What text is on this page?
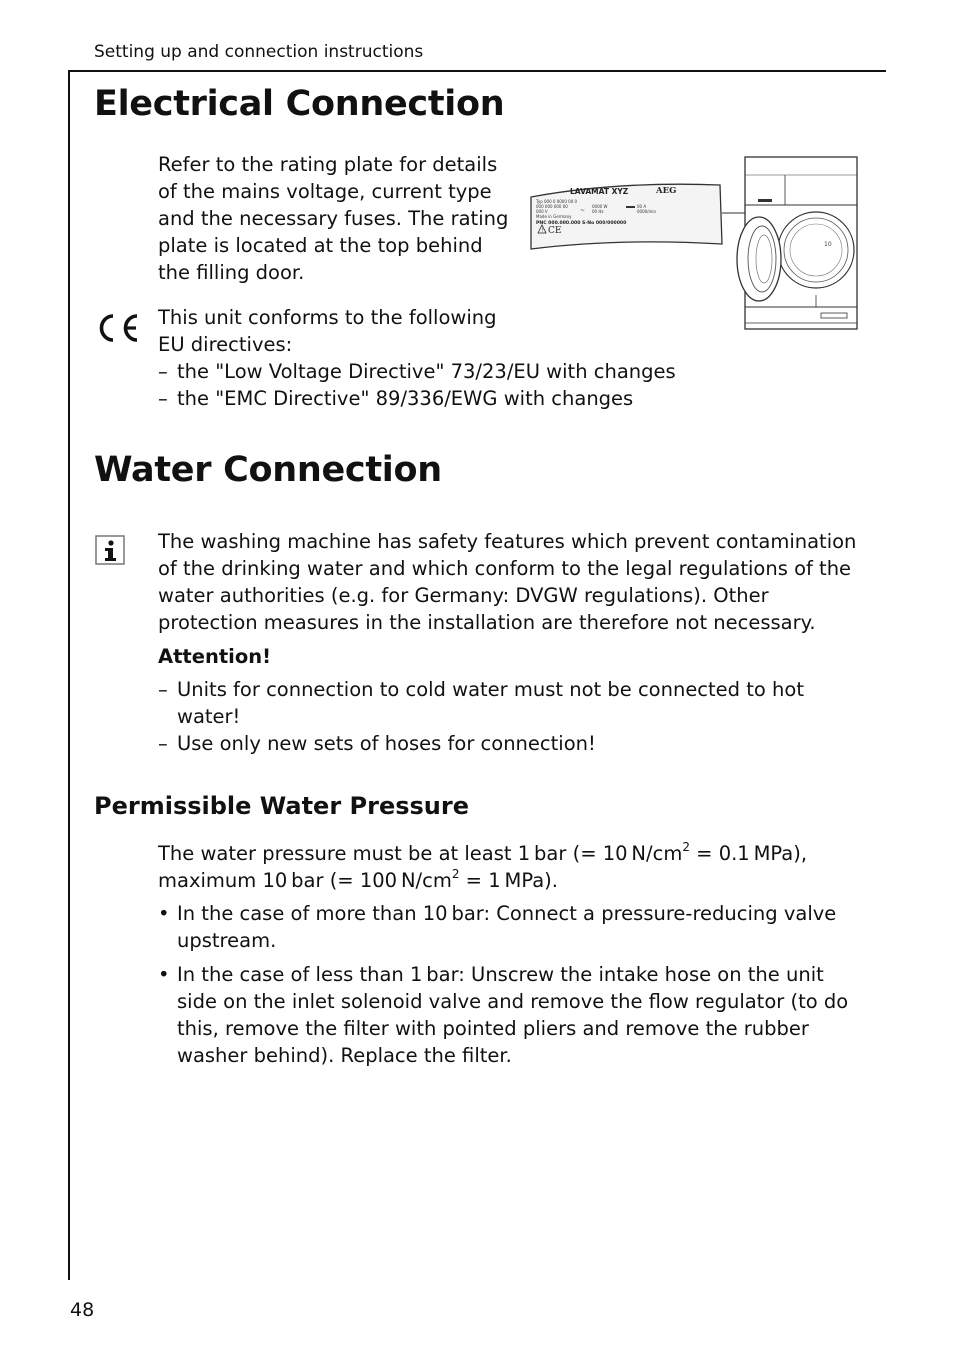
Setting up and connection instructions
Electrical Connection

Refer to the rating plate for details of the mains voltage, current type and the necessary fuses. The rating plate is located at the top behind the filling door.

LAVAMAT XYZ	AEG
Typ 000 0 0000 00 0
000 000 000 00
000 V
Made in Germany
~
0000 W
00 Hz
00 A
0000/min
PNC 000.000.000 S-No 000/000000
! CE
10

This unit conforms to the following EU directives:

– the "Low Voltage Directive" 73/23/EU with changes
– the "EMC Directive" 89/336/EWG with changes
Water Connection

The washing machine has safety features which prevent contamination of the drinking water and which conform to the legal regulations of the water authorities (e.g. for Germany: DVGW regulations). Other protection measures in the installation are therefore not necessary.

Attention!

– Units for connection to cold water must not be connected to hot water!
– Use only new sets of hoses for connection!
Permissible Water Pressure

The water pressure must be at least 1 bar (= 10 $N/cm^2 = 0.1$ MPa), maximum 10 bar (= 100 $N/cm^2 = 1$ MPa).

• In the case of more than 10 bar: Connect a pressure-reducing valve upstream.
• In the case of less than 1 bar: Unscrew the intake hose on the unit side on the inlet solenoid valve and remove the flow regulator (to do this, remove the filter with pointed pliers and remove the rubber washer behind). Replace the filter.
48
